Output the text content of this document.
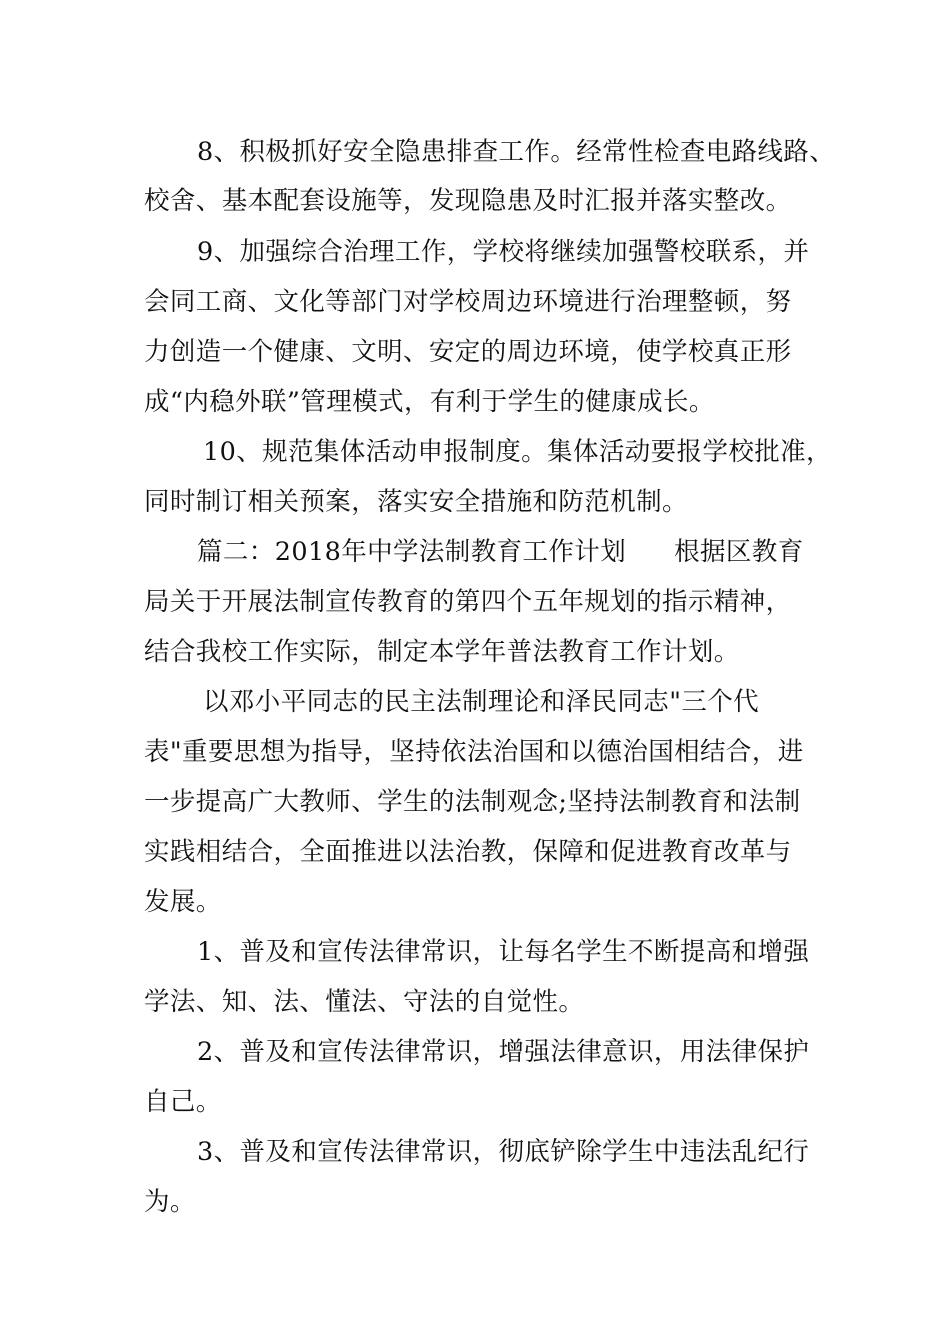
8、积极抓好安全隐患排查工作。经常性检查电路线路、
校舍、基本配套设施等，发现隐患及时汇报并落实整改。
9、加强综合治理工作，学校将继续加强警校联系，并
会同工商、文化等部门对学校周边环境进行治理整顿，努
力创造一个健康、文明、安定的周边环境，使学校真正形
成“内稳外联”管理模式，有利于学生的健康成长。
10、规范集体活动申报制度。集体活动要报学校批准，
同时制订相关预案，落实安全措施和防范机制。
篇二：2018年中学法制教育工作计划 根据区教育
局关于开展法制宣传教育的第四个五年规划的指示精神，
结合我校工作实际，制定本学年普法教育工作计划。
以邓小平同志的民主法制理论和泽民同志"三个代
表"重要思想为指导，坚持依法治国和以德治国相结合，进
一步提高广大教师、学生的法制观念;坚持法制教育和法制
实践相结合，全面推进以法治教，保障和促进教育改革与
发展。
1、普及和宣传法律常识，让每名学生不断提高和增强
学法、知、法、懂法、守法的自觉性。
2、普及和宣传法律常识，增强法律意识，用法律保护
自己。
3、普及和宣传法律常识，彻底铲除学生中违法乱纪行
为。
